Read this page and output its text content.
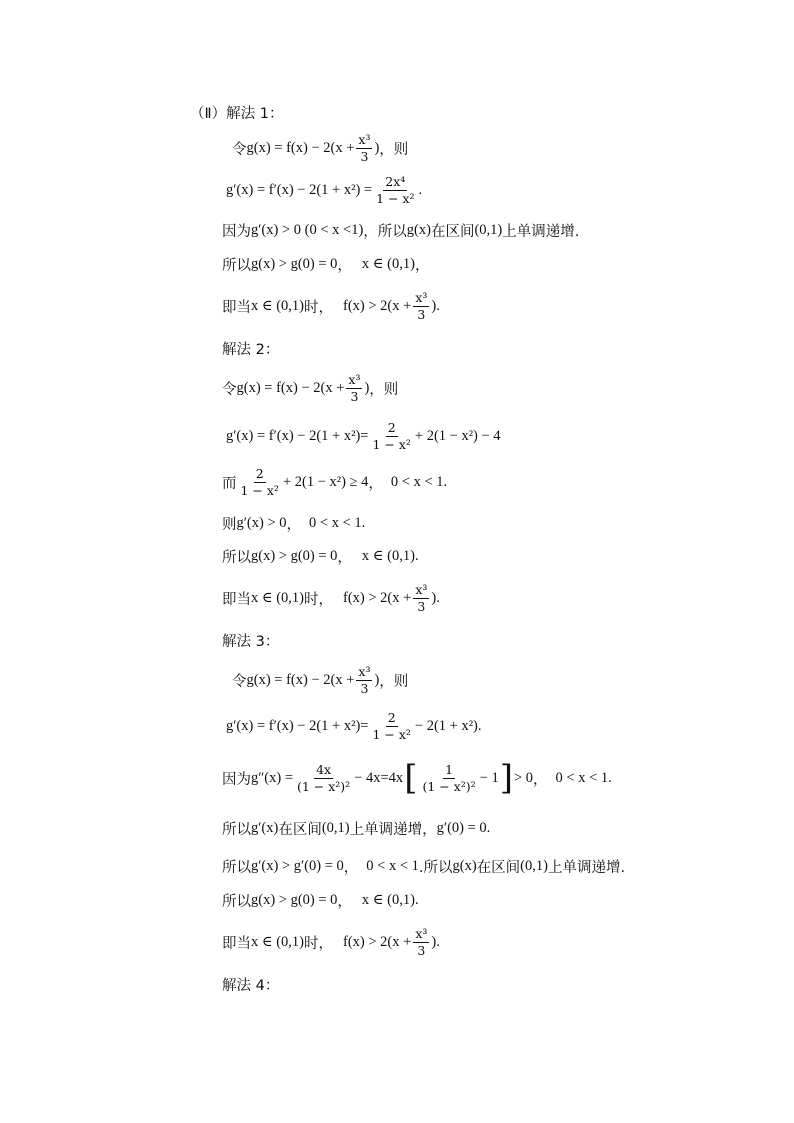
（Ⅱ）解法 1：
令 $g(x) = f(x) - 2(x + \frac{\text{x³}}{3}$ ) ，则
$g'(x) = f'(x) - 2(1 + x^2) = \frac{\text{2x⁴}}{\text{1 − x²}}$ .
因为 g′(x) > 0 (0 < x <1) ，所以 g(x) 在区间 (0,1) 上单调递增.
所以 g(x) > g(0) = 0 ， x ∈ (0,1) ，
即当 x ∈ (0,1) 时， $f(x) > 2(x + \frac{\text{x³}}{3}$ ) .
解法 2：
令 $g(x) = f(x) - 2(x + \frac{\text{x³}}{3}$ ) ，则
$g'(x) = f'(x) - 2(1 + x^2)= \frac{2}{\text{1 − x²}} + 2(1 - x^2) - 4$
而 $\frac{2}{\text{1 − x²}} + 2(1 - x^2) \ge 4$ ， 0 < x < 1 .
则 g′(x) > 0 ， 0 < x < 1 .
所以 g(x) > g(0) = 0 ， x ∈ (0,1) .
即当 x ∈ (0,1) 时， $f(x) > 2(x + \frac{\text{x³}}{3}$ ) .
解法 3：
令 $g(x) = f(x) - 2(x + \frac{\text{x³}}{3}$ ) ，则
$g'(x) = f'(x) - 2(1 + x^2)= \frac{2}{\text{1 − x²}} - 2(1 + x^2)$ .
因为 $g''(x) = \frac{4x}{\text{(1 − x²)²}} - 4x=4x$ [ $\frac{1}{\text{(1 − x²)²}} - 1$ ] > 0 ， 0 < x < 1 .
所以 g′(x) 在区间 (0,1) 上单调递增， g′(0) = 0 .
所以 g′(x) > g′(0) = 0 ， 0 < x < 1 .所以 g(x) 在区间 (0,1) 上单调递增.
所以 g(x) > g(0) = 0 ， x ∈ (0,1) .
即当 x ∈ (0,1) 时， $f(x) > 2(x + \frac{\text{x³}}{3}$ ) .
解法 4：
